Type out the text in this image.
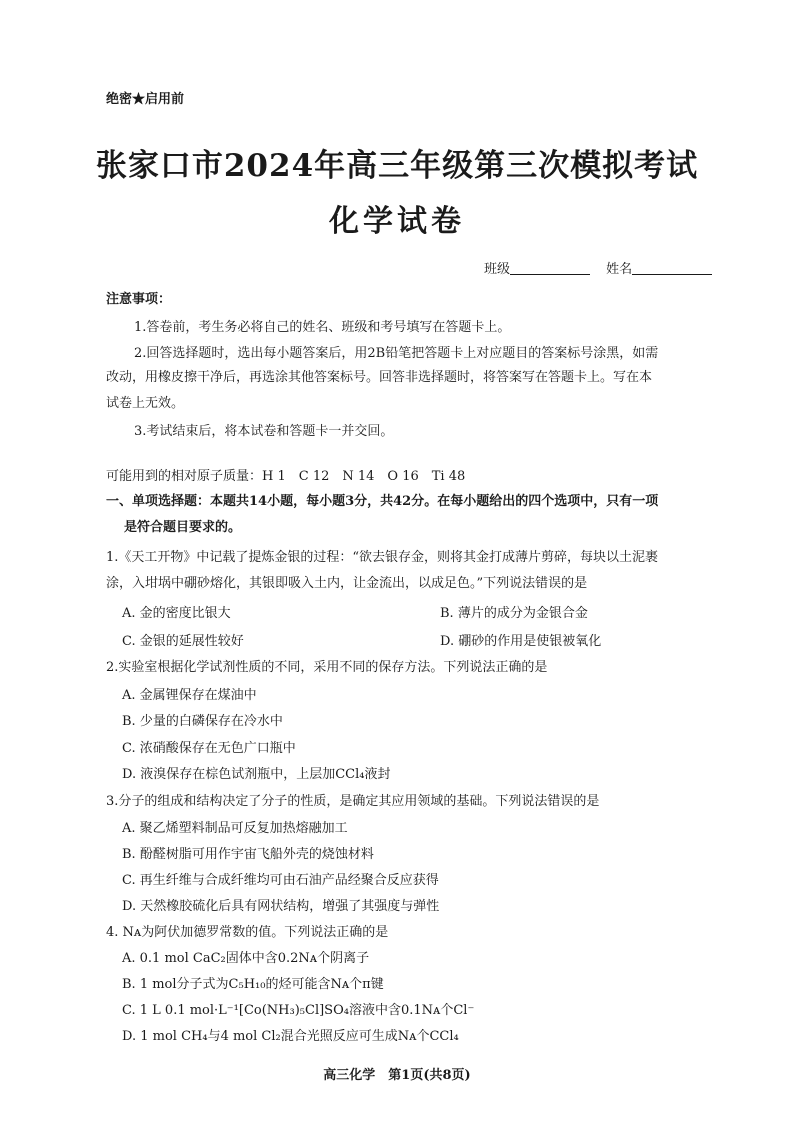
绝密★启用前
张家口市2024年高三年级第三次模拟考试
化学试卷
班级	姓名
注意事项：
1.答卷前，考生务必将自己的姓名、班级和考号填写在答题卡上。
2.回答选择题时，选出每小题答案后，用2B铅笔把答题卡上对应题目的答案标号涂黑，如需
改动，用橡皮擦干净后，再选涂其他答案标号。回答非选择题时，将答案写在答题卡上。写在本
试卷上无效。
3.考试结束后，将本试卷和答题卡一并交回。
可能用到的相对原子质量：H 1　C 12　N 14　O 16　Ti 48
一、单项选择题：本题共14小题，每小题3分，共42分。在每小题给出的四个选项中，只有一项
是符合题目要求的。
1.《天工开物》中记载了提炼金银的过程：“欲去银存金，则将其金打成薄片剪碎，每块以土泥裹
涂，入坩埚中硼砂熔化，其银即吸入土内，让金流出，以成足色。”下列说法错误的是
A. 金的密度比银大	B. 薄片的成分为金银合金
C. 金银的延展性较好	D. 硼砂的作用是使银被氧化
2.实验室根据化学试剂性质的不同，采用不同的保存方法。下列说法正确的是
A. 金属锂保存在煤油中
B. 少量的白磷保存在冷水中
C. 浓硝酸保存在无色广口瓶中
D. 液溴保存在棕色试剂瓶中，上层加CCl₄液封
3.分子的组成和结构决定了分子的性质，是确定其应用领域的基础。下列说法错误的是
A. 聚乙烯塑料制品可反复加热熔融加工
B. 酚醛树脂可用作宇宙飞船外壳的烧蚀材料
C. 再生纤维与合成纤维均可由石油产品经聚合反应获得
D. 天然橡胶硫化后具有网状结构，增强了其强度与弹性
4. Nᴀ为阿伏加德罗常数的值。下列说法正确的是
A. 0.1 mol CaC₂固体中含0.2Nᴀ个阴离子
B. 1 mol分子式为C₅H₁₀的烃可能含Nᴀ个π键
C. 1 L 0.1 mol·L⁻¹[Co(NH₃)₅Cl]SO₄溶液中含0.1Nᴀ个Cl⁻
D. 1 mol CH₄与4 mol Cl₂混合光照反应可生成Nᴀ个CCl₄
高三化学　第1页(共8页)
